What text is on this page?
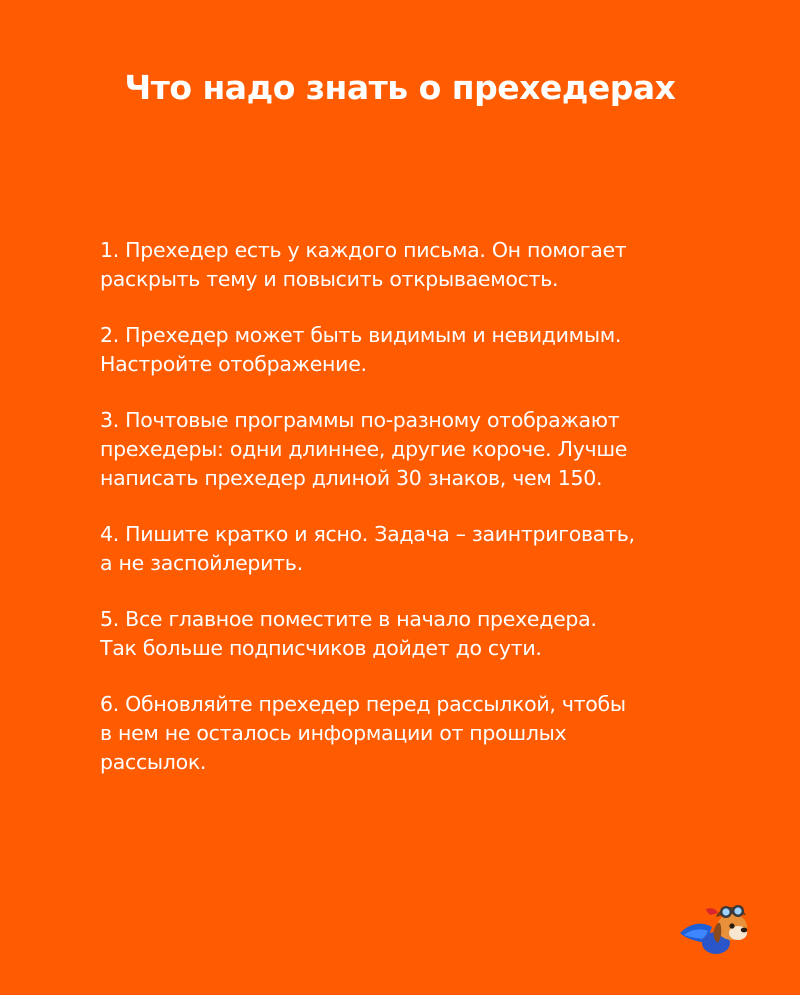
Что надо знать о прехедерах
1. Прехедер есть у каждого письма. Он помогает
раскрыть тему и повысить открываемость.
2. Прехедер может быть видимым и невидимым.
Настройте отображение.
3. Почтовые программы по-разному отображают
прехедеры: одни длиннее, другие короче. Лучше
написать прехедер длиной 30 знаков, чем 150.
4. Пишите кратко и ясно. Задача – заинтриговать,
а не заспойлерить.
5. Все главное поместите в начало прехедера.
Так больше подписчиков дойдет до сути.
6. Обновляйте прехедер перед рассылкой, чтобы
в нем не осталось информации от прошлых
рассылок.
